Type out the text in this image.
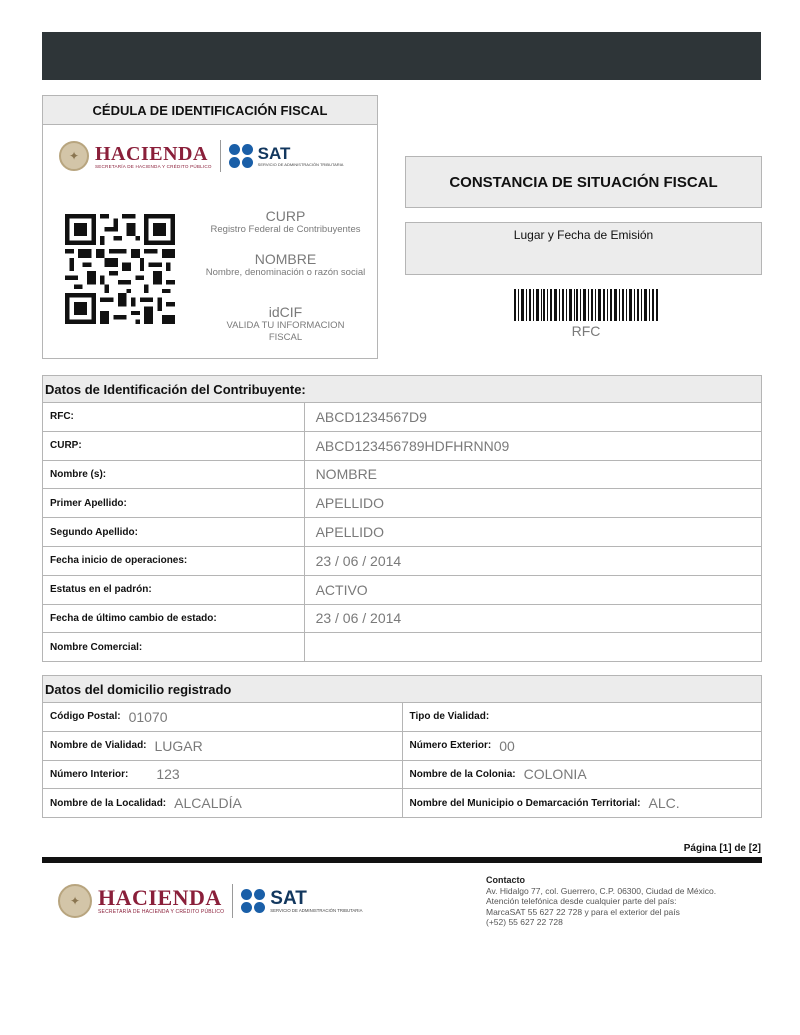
CÉDULA DE IDENTIFICACIÓN FISCAL
✦ HACIENDA
SECRETARÍA DE HACIENDA Y CRÉDITO PÚBLICO
SAT
SERVICIO DE ADMINISTRACIÓN TRIBUTARIA
CURP
Registro Federal de Contribuyentes
NOMBRE
Nombre, denominación o razón social
idCIF
VALIDA TU INFORMACION FISCAL
CONSTANCIA DE SITUACIÓN FISCAL
Lugar y Fecha de Emisión
RFC
Datos de Identificación del Contribuyente:
RFC:	ABCD1234567D9
CURP:	ABCD123456789HDFHRNN09
Nombre (s):	NOMBRE
Primer Apellido:	APELLIDO
Segundo Apellido:	APELLIDO
Fecha inicio de operaciones:	23 / 06 / 2014
Estatus en el padrón:	ACTIVO
Fecha de último cambio de estado:	23 / 06 / 2014
Nombre Comercial:	
Datos del domicilio registrado
Código Postal: 01070	Tipo de Vialidad:

Nombre de Vialidad: LUGAR	Número Exterior: 00

Número Interior: 123	Nombre de la Colonia: COLONIA

Nombre de la Localidad: ALCALDÍA	Nombre del Municipio o Demarcación Territorial: ALC.
Página [1] de [2]
✦ HACIENDA
SECRETARÍA DE HACIENDA Y CRÉDITO PÚBLICO
SAT
SERVICIO DE ADMINISTRACIÓN TRIBUTARIA
Contacto
Av. Hidalgo 77, col. Guerrero, C.P. 06300, Ciudad de México.
Atención telefónica desde cualquier parte del país:
MarcaSAT 55 627 22 728 y para el exterior del país
(+52) 55 627 22 728
